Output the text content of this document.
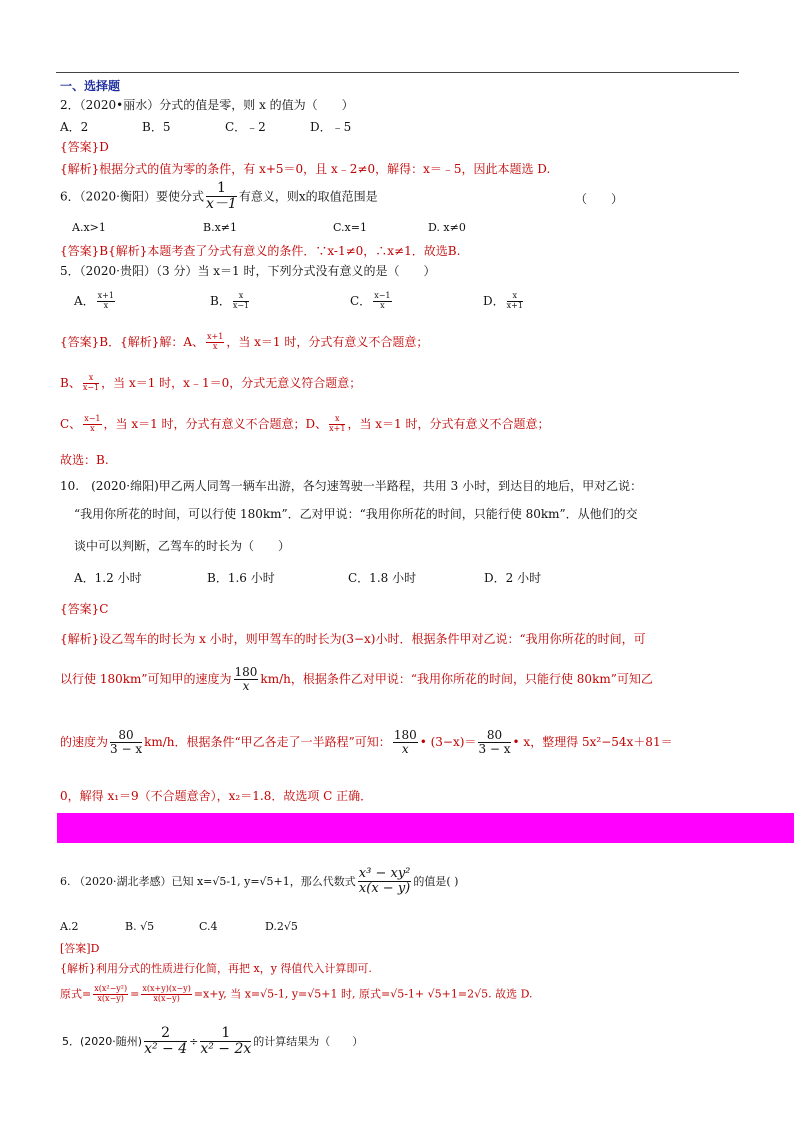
一、选择题
2．（2020•丽水）分式的值是零，则 x 的值为（　　）
A．2	B．5	C．﹣2	D．﹣5
{答案}D
{解析}根据分式的值为零的条件，有 x+5＝0，且 x﹣2≠0，解得：x＝﹣5，因此本题选 D.
6．（2020·衡阳）要使分式 $\frac{1}{x-1}$ 有意义，则x的取值范围是	（　　）
A.x>1	B.x≠1	C.x=1	D. x≠0
{答案}B{解析}本题考查了分式有意义的条件．∵x-1≠0，∴x≠1．故选B.
5．（2020·贵阳）（3 分）当 x＝1 时，下列分式没有意义的是（　　）
A． $\frac{x+1}{x}$	B． $\frac{x}{x-1}$	C． $\frac{x-1}{x}$	D． $\frac{x}{x+1}$
{答案}B．{解析}解：A、 $\frac{x+1}{x}$ ，当 x＝1 时，分式有意义不合题意；
B、 $\frac{x}{x-1}$ ，当 x＝1 时，x﹣1＝0，分式无意义符合题意；
C、 $\frac{x-1}{x}$ ，当 x＝1 时，分式有意义不合题意；D、 $\frac{x}{x+1}$ ，当 x＝1 时，分式有意义不合题意；
故选：B.
10.　(2020·绵阳)甲乙两人同驾一辆车出游，各匀速驾驶一半路程，共用 3 小时，到达目的地后，甲对乙说：
“我用你所花的时间，可以行使 180km”．乙对甲说：“我用你所花的时间，只能行使 80km”．从他们的交
谈中可以判断，乙驾车的时长为（　　）
A．1.2 小时	B．1.6 小时	C．1.8 小时	D．2 小时
{答案}C
{解析}设乙驾车的时长为 x 小时，则甲驾车的时长为(3−x)小时．根据条件甲对乙说：“我用你所花的时间，可
以行使 180km”可知甲的速度为 $\frac{180}{x} km/h$，根据条件乙对甲说：“我用你所花的时间，只能行使 80km”可知乙
的速度为 $\frac{80}{3 - x} km/h$．根据条件“甲乙各走了一半路程”可知： $\frac{180}{x}$ • $(3-x)= \frac{80}{3 - x}$ • x，整理得 5x²−54x＋81＝
0，解得 x₁＝9（不合题意舍），x₂＝1.8．故选项 C 正确．
6. （2020·湖北孝感）已知 x=√5-1, y=√5+1，那么代数式 $\frac{\text{x³ − xy²}}{x(x - y)}$ 的值是( )
A.2	B. √5	C.4	D.2√5
[答案]D
{解析}利用分式的性质进行化简，再把 x，y 得值代入计算即可.
原式= $\frac{\text{x(x²−y²)}}{x(x-y)} = \frac{x(x+y)(x-y)}{x(x-y)} =x+y$, 当 x=√5-1, y=√5+1 时, 原式=√5-1+ √5+1=2√5. 故选 D.
5．(2020·随州) $\frac{2}{\text{x² − 4}} \div \frac{1}{\text{x² − 2x}}$ 的计算结果为（　　）
